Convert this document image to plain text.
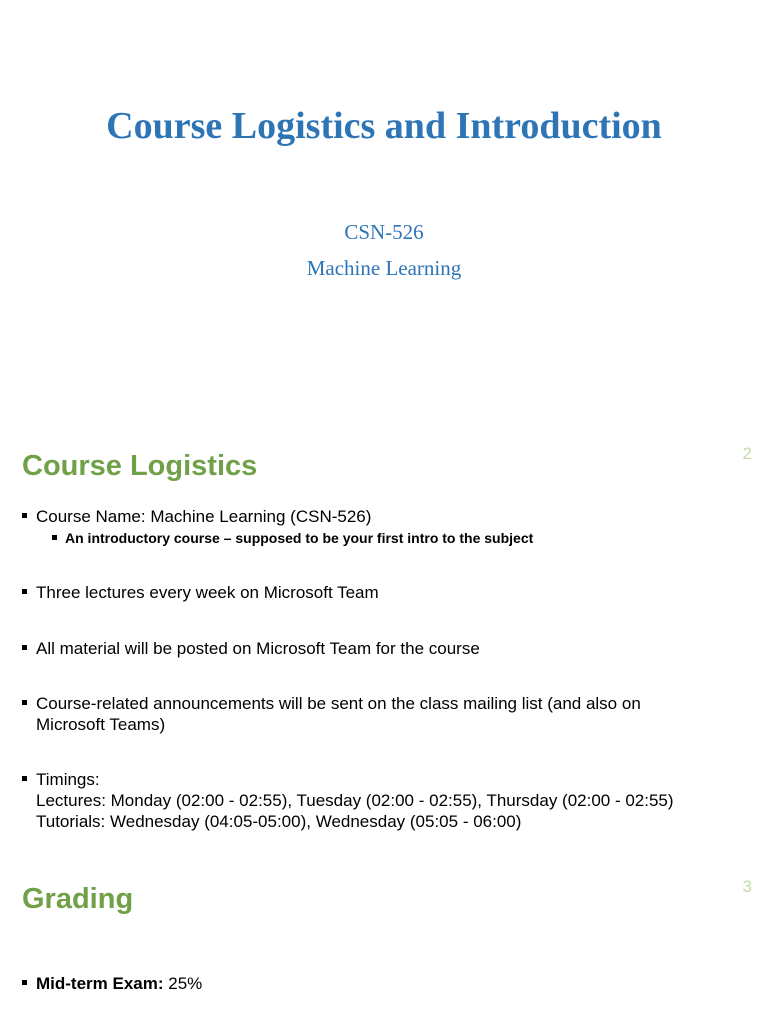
Course Logistics and Introduction
CSN-526
Machine Learning
2
Course Logistics
Course Name: Machine Learning (CSN-526)
An introductory course – supposed to be your first intro to the subject
Three lectures every week on Microsoft Team
All material will be posted on Microsoft Team for the course
Course-related announcements will be sent on the class mailing list (and also on
Microsoft Teams)
Timings:
Lectures: Monday (02:00 - 02:55), Tuesday (02:00 - 02:55), Thursday (02:00 - 02:55)
Tutorials: Wednesday (04:05-05:00), Wednesday (05:05 - 06:00)
3
Grading
Mid-term Exam: 25%
